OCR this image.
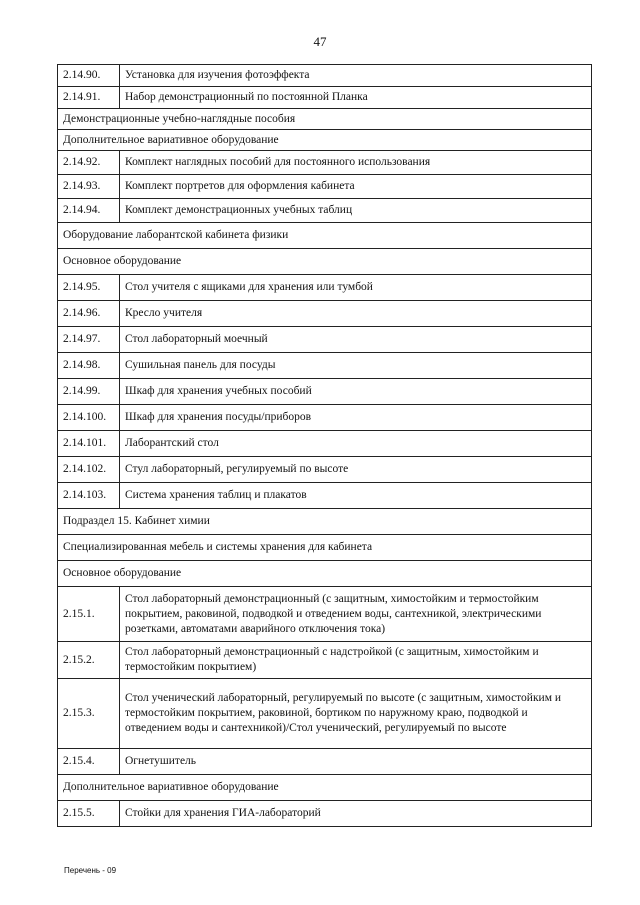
47
2.14.90.	Установка для изучения фотоэффекта
2.14.91.	Набор демонстрационный по постоянной Планка
Демонстрационные учебно-наглядные пособия	
Дополнительное вариативное оборудование	
2.14.92.	Комплект наглядных пособий для постоянного использования
2.14.93.	Комплект портретов для оформления кабинета
2.14.94.	Комплект демонстрационных учебных таблиц
Оборудование лаборантской кабинета физики	
Основное оборудование	
2.14.95.	Стол учителя с ящиками для хранения или тумбой
2.14.96.	Кресло учителя
2.14.97.	Стол лабораторный моечный
2.14.98.	Сушильная панель для посуды
2.14.99.	Шкаф для хранения учебных пособий
2.14.100.	Шкаф для хранения посуды/приборов
2.14.101.	Лаборантский стол
2.14.102.	Стул лабораторный, регулируемый по высоте
2.14.103.	Система хранения таблиц и плакатов
Подраздел 15. Кабинет химии	
Специализированная мебель и системы хранения для кабинета	
Основное оборудование	
2.15.1.	Стол лабораторный демонстрационный (с защитным, химостойким и термостойким покрытием, раковиной, подводкой и отведением воды, сантехникой, электрическими розетками, автоматами аварийного отключения тока)
2.15.2.	Стол лабораторный демонстрационный с надстройкой (с защитным, химостойким и термостойким покрытием)
2.15.3.	Стол ученический лабораторный, регулируемый по высоте (с защитным, химостойким и термостойким покрытием, раковиной, бортиком по наружному краю, подводкой и отведением воды и сантехникой)/Стол ученический, регулируемый по высоте
2.15.4.	Огнетушитель
Дополнительное вариативное оборудование	
2.15.5.	Стойки для хранения ГИА-лабораторий
Перечень - 09
